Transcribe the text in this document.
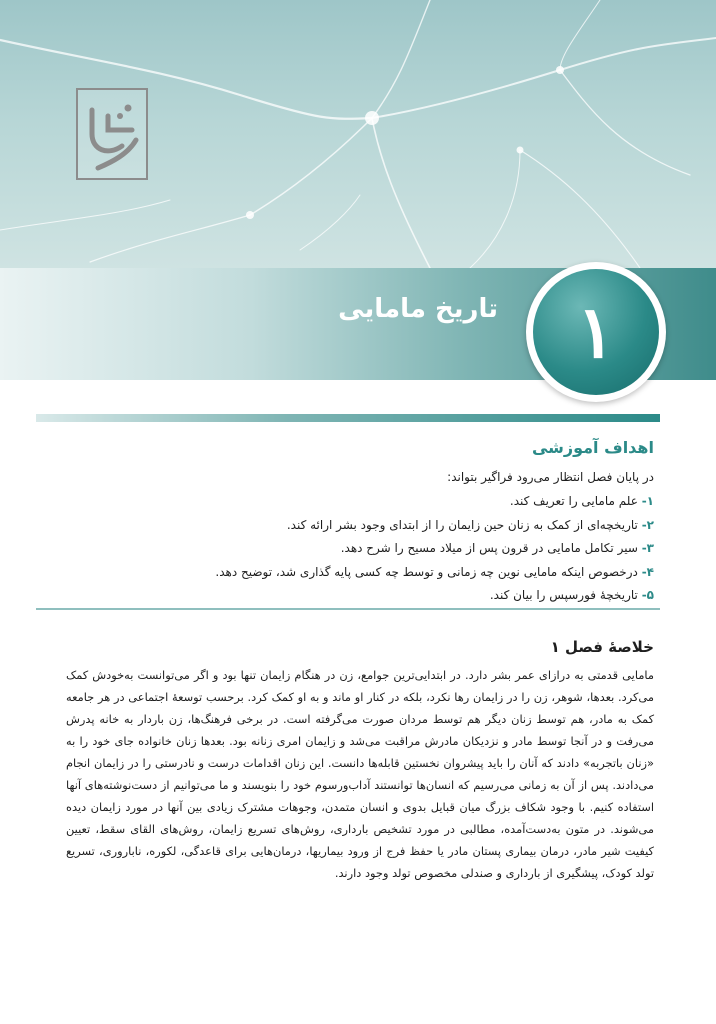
تاریخ مامایی ۱
اهداف آموزشی
در پایان فصل انتظار می‌رود فراگیر بتواند:
۱- علم مامایی را تعریف کند.
۲- تاریخچه‌ای از کمک به زنان حین زایمان را از ابتدای وجود بشر ارائه کند.
۳- سیر تکامل مامایی در قرون پس از میلاد مسیح را شرح دهد.
۴- درخصوص اینکه مامایی نوین چه زمانی و توسط چه کسی پایه گذاری شد، توضیح دهد.
۵- تاریخچهٔ فورسپس را بیان کند.
خلاصهٔ فصل ۱

مامایی قدمتی به درازای عمر بشر دارد. در ابتدایی‌ترین جوامع، زن در هنگام زایمان تنها بود و اگر می‌توانست به‌خودش کمک می‌کرد. بعدها، شوهر، زن را در زایمان رها نکرد، بلکه در کنار او ماند و به او کمک کرد. برحسب توسعهٔ اجتماعی در هر جامعه کمک به مادر، هم توسط زنان دیگر هم توسط مردان صورت می‌گرفته است. در برخی فرهنگ‌ها، زن باردار به خانه پدرش می‌رفت و در آنجا توسط مادر و نزدیکان مادرش مراقبت می‌شد و زایمان امری زنانه بود. بعدها زنان خانواده جای خود را به «زنان باتجربه» دادند که آنان را باید پیشروان نخستین قابله‌ها دانست. این زنان اقدامات درست و نادرستی را در زایمان انجام می‌دادند. پس از آن به زمانی می‌رسیم که انسان‌ها توانستند آداب‌ورسوم خود را بنویسند و ما می‌توانیم از دست‌نوشته‌های آنها استفاده کنیم. با وجود شکاف بزرگ میان قبایل بدوی و انسان متمدن، وجوهات مشترک زیادی بین آنها در مورد زایمان دیده می‌شوند. در متون به‌دست‌آمده، مطالبی در مورد تشخیص بارداری، روش‌های تسریع زایمان، روش‌های القای سقط، تعیین کیفیت شیر مادر، درمان بیماری پستان مادر یا حفظ فرج از ورود بیماریها، درمان‌هایی برای قاعدگی، لکوره، ناباروری، تسریع تولد کودک، پیشگیری از بارداری و صندلی مخصوص تولد وجود دارند.
